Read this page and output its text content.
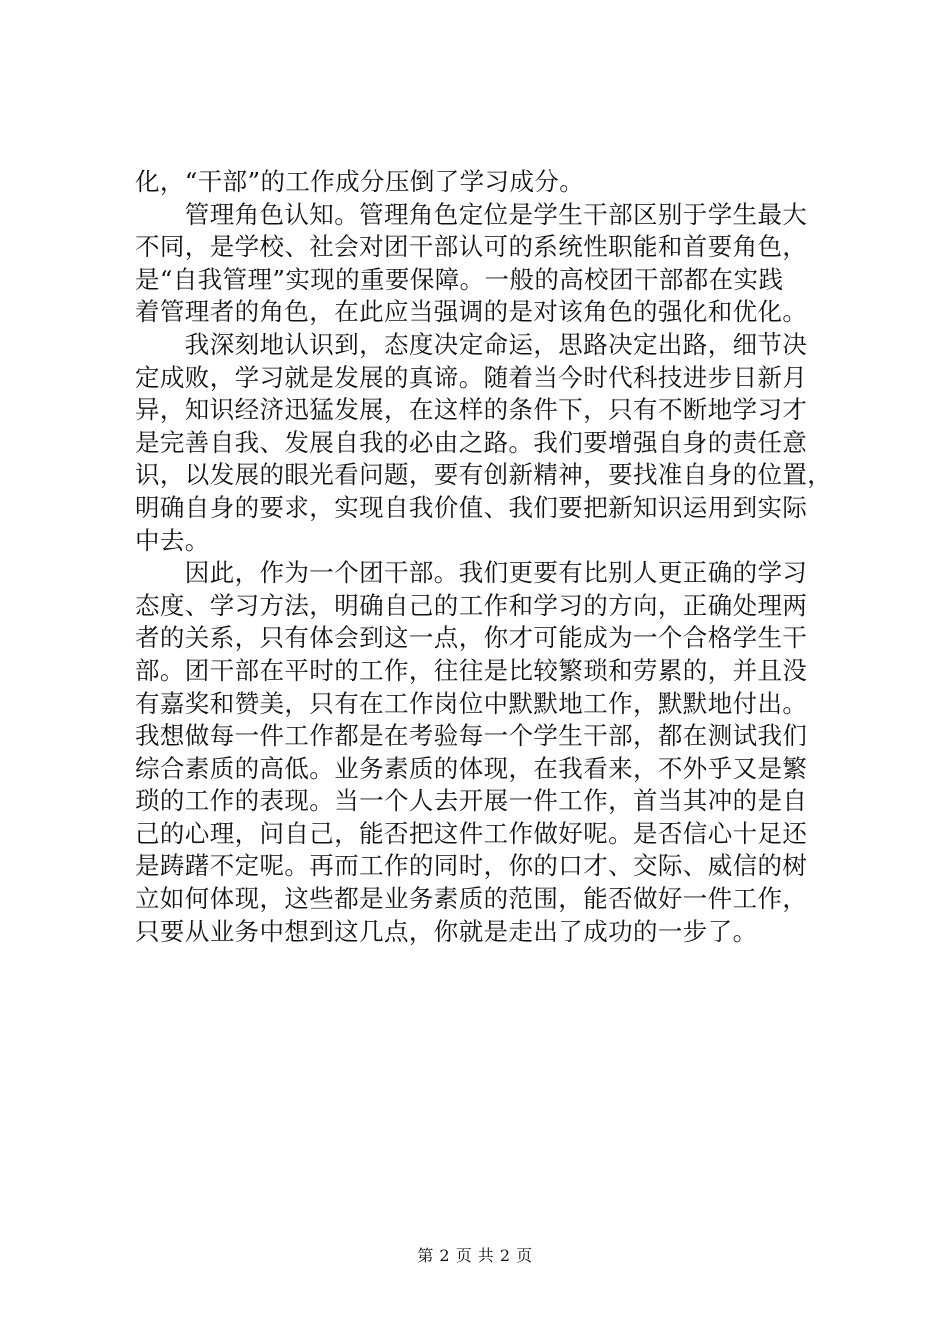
化，“干部”的工作成分压倒了学习成分。
　　管理角色认知。管理角色定位是学生干部区别于学生最大
不同，是学校、社会对团干部认可的系统性职能和首要角色，
是“自我管理”实现的重要保障。一般的高校团干部都在实践
着管理者的角色，在此应当强调的是对该角色的强化和优化。
　　我深刻地认识到，态度决定命运，思路决定出路，细节决
定成败，学习就是发展的真谛。随着当今时代科技进步日新月
异，知识经济迅猛发展，在这样的条件下，只有不断地学习才
是完善自我、发展自我的必由之路。我们要增强自身的责任意
识，以发展的眼光看问题，要有创新精神，要找准自身的位置，
明确自身的要求，实现自我价值、我们要把新知识运用到实际
中去。
　　因此，作为一个团干部。我们更要有比别人更正确的学习
态度、学习方法，明确自己的工作和学习的方向，正确处理两
者的关系，只有体会到这一点，你才可能成为一个合格学生干
部。团干部在平时的工作，往往是比较繁琐和劳累的，并且没
有嘉奖和赞美，只有在工作岗位中默默地工作，默默地付出。
我想做每一件工作都是在考验每一个学生干部，都在测试我们
综合素质的高低。业务素质的体现，在我看来，不外乎又是繁
琐的工作的表现。当一个人去开展一件工作，首当其冲的是自
己的心理，问自己，能否把这件工作做好呢。是否信心十足还
是踌躇不定呢。再而工作的同时，你的口才、交际、威信的树
立如何体现，这些都是业务素质的范围，能否做好一件工作，
只要从业务中想到这几点，你就是走出了成功的一步了。
第 2 页 共 2 页
